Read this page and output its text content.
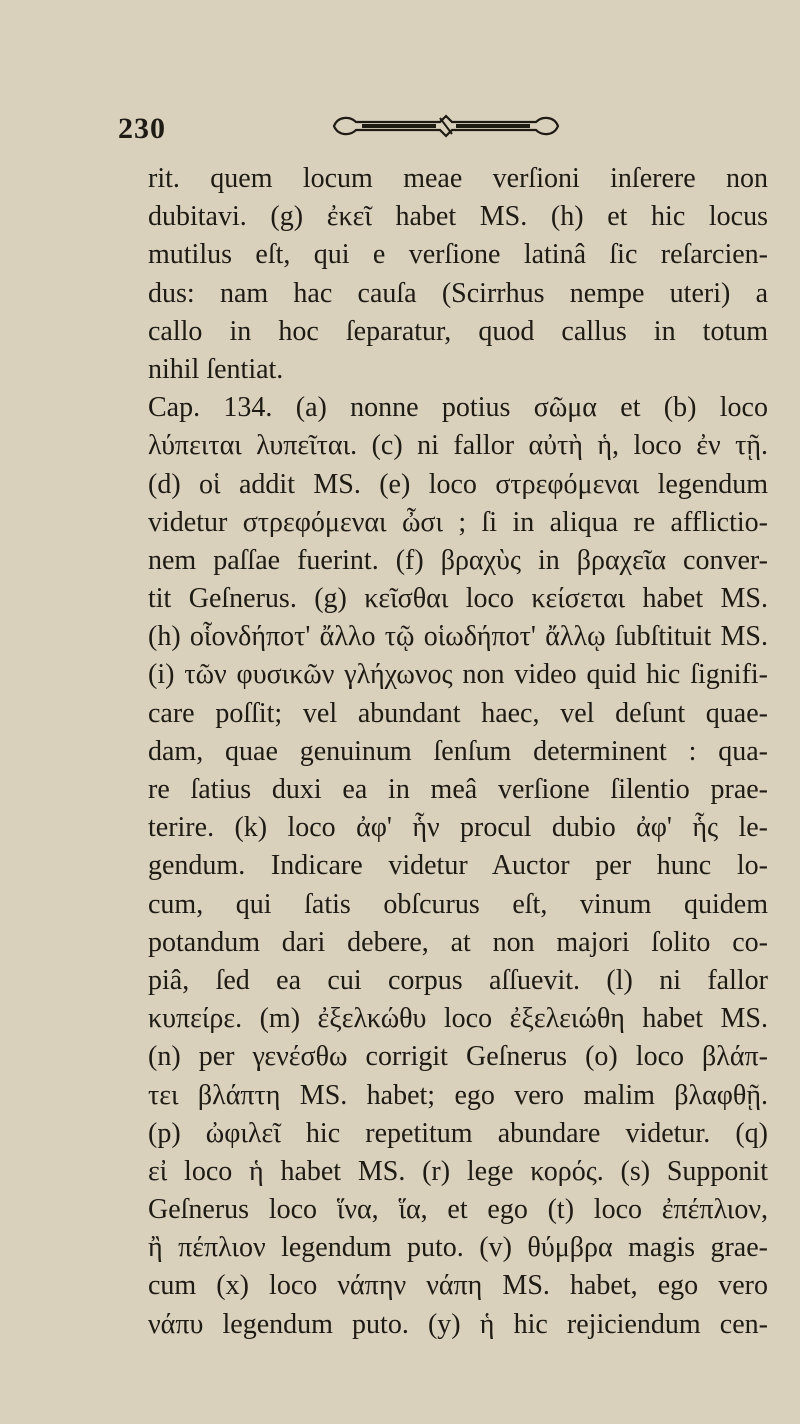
230
rit. quem locum meae verſioni inſerere non
dubitavi. (g) ἐκεῖ habet MS. (h) et hic locus
mutilus eſt, qui e verſione latinâ ſic reſarcien-
dus: nam hac cauſa (Scirrhus nempe uteri) a
callo in hoc ſeparatur, quod callus in totum
nihil ſentiat.
Cap. 134. (a) nonne potius σῶμα et (b) loco
λύπειται λυπεῖται. (c) ni fallor αὐτὴ ἡ, loco ἐν τῇ.
(d) οἱ addit MS. (e) loco στρεφόμεναι legendum
videtur στρεφόμεναι ὦσι ; ſi in aliqua re afflictio-
nem paſſae fuerint. (f) βραχὺς in βραχεῖα conver-
tit Geſnerus. (g) κεῖσθαι loco κείσεται habet MS.
(h) οἷονδήποτ' ἄλλο τῷ οἱωδήποτ' ἄλλῳ ſubſtituit MS.
(i) τῶν φυσικῶν γλήχωνος non video quid hic ſignifi-
care poſſit; vel abundant haec, vel deſunt quae-
dam, quae genuinum ſenſum determinent : qua-
re ſatius duxi ea in meâ verſione ſilentio prae-
terire. (k) loco ἀφ' ἧν procul dubio ἀφ' ἧς le-
gendum. Indicare videtur Auctor per hunc lo-
cum, qui ſatis obſcurus eſt, vinum quidem
potandum dari debere, at non majori ſolito co-
piâ, ſed ea cui corpus aſſuevit. (l) ni fallor
κυπείρε. (m) ἐξελκώθυ loco ἐξελειώθη habet MS.
(n) per γενέσθω corrigit Geſnerus (o) loco βλάπ-
τει βλάπτη MS. habet; ego vero malim βλαφθῇ.
(p) ὠφιλεῖ hic repetitum abundare videtur. (q)
εἰ loco ἡ habet MS. (r) lege κορός. (s) Supponit
Geſnerus loco ἵνα, ἵα, et ego (t) loco ἐπέπλιον,
ἢ πέπλιον legendum puto. (v) θύμβρα magis grae-
cum (x) loco νάπην νάπη MS. habet, ego vero
νάπυ legendum puto. (y) ἡ hic rejiciendum cen-
